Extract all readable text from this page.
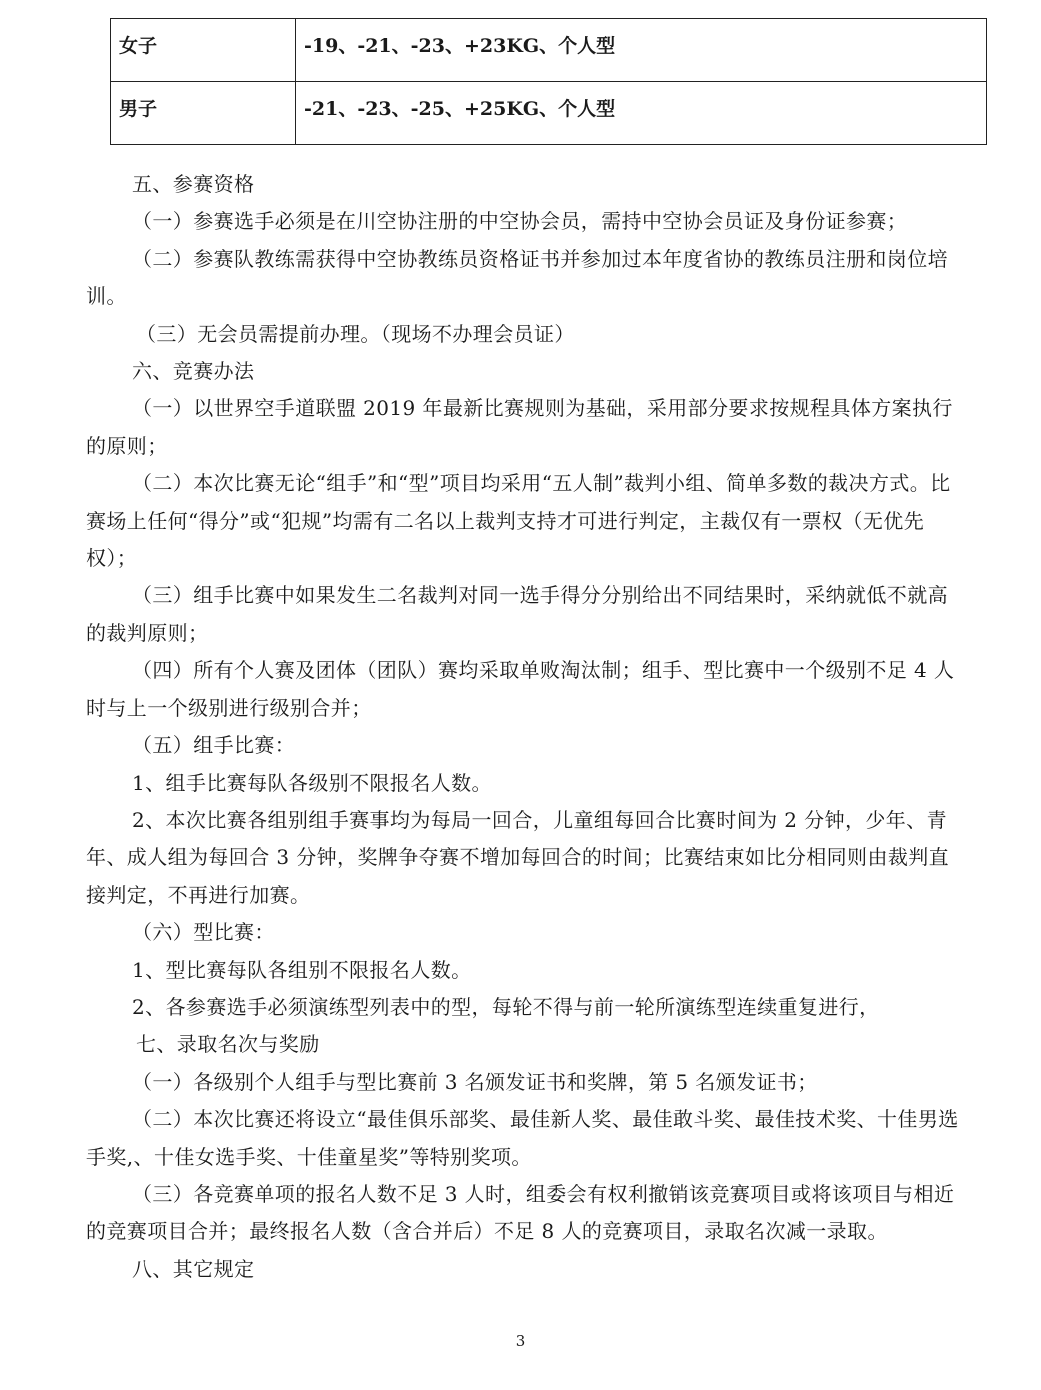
女子	-19、-21、-23、+23KG、个人型
男子	-21、-23、-25、+25KG、个人型

五、参赛资格

（一）参赛选手必须是在川空协注册的中空协会员，需持中空协会员证及身份证参赛；

（二）参赛队教练需获得中空协教练员资格证书并参加过本年度省协的教练员注册和岗位培训。

（三）无会员需提前办理。（现场不办理会员证）

六、竞赛办法

（一）以世界空手道联盟 2019 年最新比赛规则为基础，采用部分要求按规程具体方案执行的原则；

（二）本次比赛无论“组手”和“型”项目均采用“五人制”裁判小组、简单多数的裁决方式。比赛场上任何“得分”或“犯规”均需有二名以上裁判支持才可进行判定，主裁仅有一票权（无优先权）；

（三）组手比赛中如果发生二名裁判对同一选手得分分别给出不同结果时，采纳就低不就高的裁判原则；

（四）所有个人赛及团体（团队）赛均采取单败淘汰制；组手、型比赛中一个级别不足 4 人时与上一个级别进行级别合并；

（五）组手比赛：

1、组手比赛每队各级别不限报名人数。

2、本次比赛各组别组手赛事均为每局一回合，儿童组每回合比赛时间为 2 分钟，少年、青年、成人组为每回合 3 分钟，奖牌争夺赛不增加每回合的时间；比赛结束如比分相同则由裁判直接判定，不再进行加赛。

（六）型比赛：

1、型比赛每队各组别不限报名人数。

2、各参赛选手必须演练型列表中的型，每轮不得与前一轮所演练型连续重复进行，

七、录取名次与奖励

（一）各级别个人组手与型比赛前 3 名颁发证书和奖牌，第 5 名颁发证书；

（二）本次比赛还将设立“最佳俱乐部奖、最佳新人奖、最佳敢斗奖、最佳技术奖、十佳男选手奖,、十佳女选手奖、十佳童星奖”等特别奖项。

（三）各竞赛单项的报名人数不足 3 人时，组委会有权利撤销该竞赛项目或将该项目与相近的竞赛项目合并；最终报名人数（含合并后）不足 8 人的竞赛项目，录取名次减一录取。

八、其它规定

3
